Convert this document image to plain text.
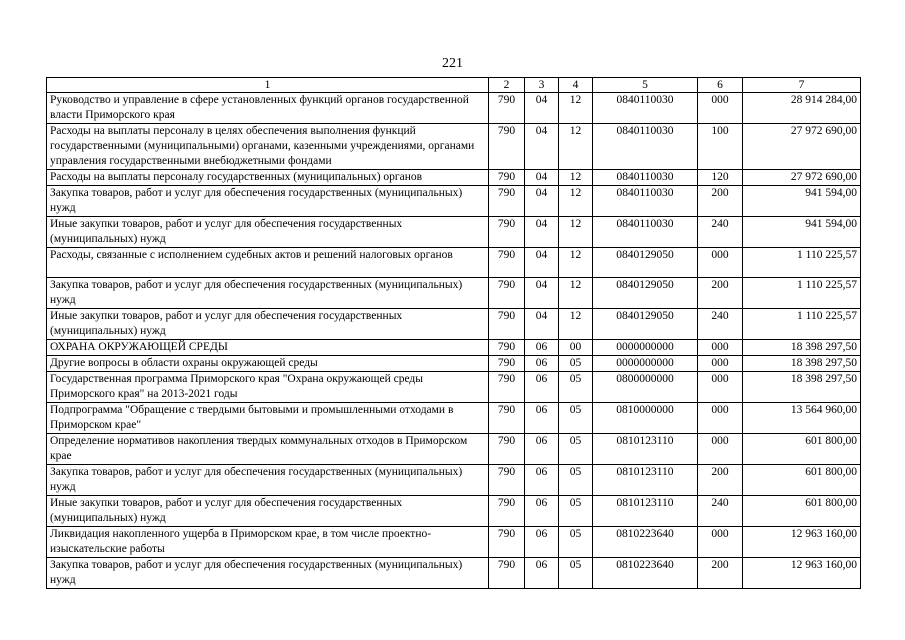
221
1	2	3	4	5	6	7
Руководство и управление в сфере установленных функций органов государственной власти Приморского края	790	04	12	0840110030	000	28 914 284,00
Расходы на выплаты персоналу в целях обеспечения выполнения функций государственными (муниципальными) органами, казенными учреждениями, органами управления государственными внебюджетными фондами	790	04	12	0840110030	100	27 972 690,00
Расходы на выплаты персоналу государственных (муниципальных) органов	790	04	12	0840110030	120	27 972 690,00
Закупка товаров, работ и услуг для обеспечения государственных (муниципальных) нужд	790	04	12	0840110030	200	941 594,00
Иные закупки товаров, работ и услуг для обеспечения государственных (муниципальных) нужд	790	04	12	0840110030	240	941 594,00
Расходы, связанные с исполнением судебных актов и решений налоговых органов	790	04	12	0840129050	000	1 110 225,57
Закупка товаров, работ и услуг для обеспечения государственных (муниципальных) нужд	790	04	12	0840129050	200	1 110 225,57
Иные закупки товаров, работ и услуг для обеспечения государственных (муниципальных) нужд	790	04	12	0840129050	240	1 110 225,57
ОХРАНА ОКРУЖАЮЩЕЙ СРЕДЫ	790	06	00	0000000000	000	18 398 297,50
Другие вопросы в области охраны окружающей среды	790	06	05	0000000000	000	18 398 297,50
Государственная программа Приморского края "Охрана окружающей среды Приморского края" на 2013-2021 годы	790	06	05	0800000000	000	18 398 297,50
Подпрограмма "Обращение с твердыми бытовыми и промышленными отходами в Приморском крае"	790	06	05	0810000000	000	13 564 960,00
Определение нормативов накопления твердых коммунальных отходов в Приморском крае	790	06	05	0810123110	000	601 800,00
Закупка товаров, работ и услуг для обеспечения государственных (муниципальных) нужд	790	06	05	0810123110	200	601 800,00
Иные закупки товаров, работ и услуг для обеспечения государственных (муниципальных) нужд	790	06	05	0810123110	240	601 800,00
Ликвидация накопленного ущерба в Приморском крае, в том числе проектно-изыскательские работы	790	06	05	0810223640	000	12 963 160,00
Закупка товаров, работ и услуг для обеспечения государственных (муниципальных) нужд	790	06	05	0810223640	200	12 963 160,00
